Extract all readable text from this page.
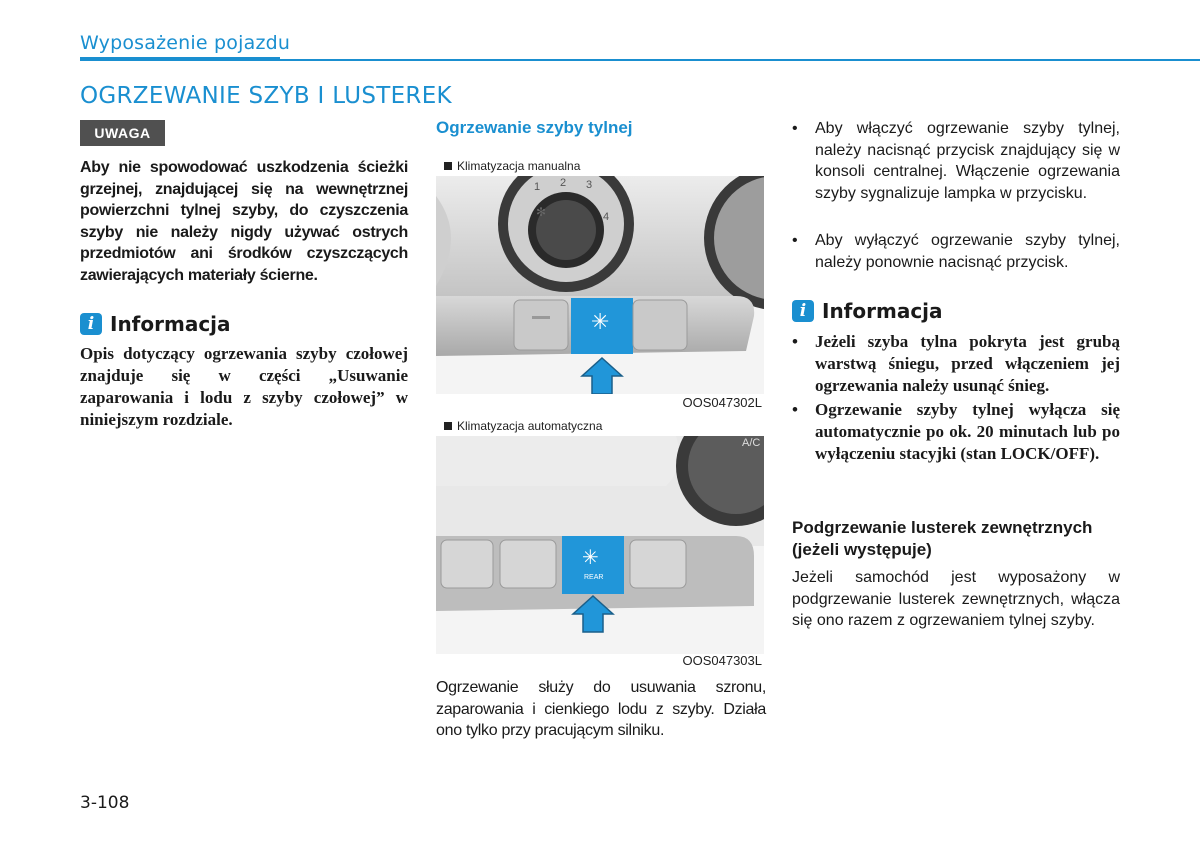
Wyposażenie pojazdu
OGRZEWANIE SZYB I LUSTEREK
UWAGA
Aby nie spowodować uszkodzenia ścieżki grzejnej, znajdującej się na wewnętrznej powierzchni tylnej szyby, do czyszczenia szyby nie należy nigdy używać ostrych przedmiotów ani środków czyszczących zawierających materiały ścierne.
i Informacja
Opis dotyczący ogrzewania szyby czołowej znajduje się w części „Usuwanie zaparowania i lodu z szyby czołowej” w niniejszym rozdziale.
Ogrzewanie szyby tylnej
Klimatyzacja manualna
1 2 3
4
✻
✳
OOS047302L
Klimatyzacja automatyczna
A/C
✳
REAR
OOS047303L
Ogrzewanie służy do usuwania szronu, zaparowania i cienkiego lodu z szyby. Działa ono tylko przy pracującym silniku.
• Aby włączyć ogrzewanie szyby tylnej, należy nacisnąć przycisk znajdujący się w konsoli centralnej. Włączenie ogrzewania szyby sygnalizuje lampka w przycisku.
• Aby wyłączyć ogrzewanie szyby tylnej, należy ponownie nacisnąć przycisk.
i Informacja
• Jeżeli szyba tylna pokryta jest grubą warstwą śniegu, przed włączeniem jej ogrzewania należy usunąć śnieg.
• Ogrzewanie szyby tylnej wyłącza się automatycznie po ok. 20 minutach lub po wyłączeniu stacyjki (stan LOCK/OFF).
Podgrzewanie lusterek zewnętrznych (jeżeli występuje)
Jeżeli samochód jest wyposażony w podgrzewanie lusterek zewnętrznych, włącza się ono razem z ogrzewaniem tylnej szyby.
3-108
